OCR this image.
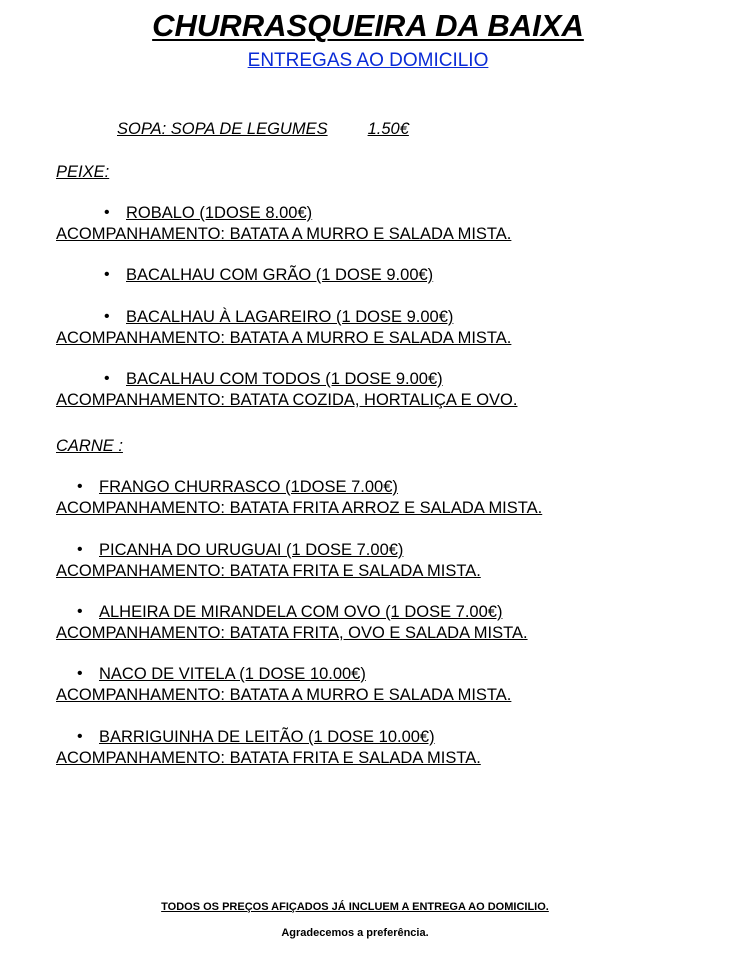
CHURRASQUEIRA DA BAIXA
ENTREGAS AO DOMICILIO
SOPA: SOPA DE LEGUMES 1.50€
PEIXE:
• ROBALO (1DOSE 8.00€)
ACOMPANHAMENTO: BATATA A MURRO E SALADA MISTA.
• BACALHAU COM GRÃO (1 DOSE 9.00€)
• BACALHAU À LAGAREIRO (1 DOSE 9.00€)
ACOMPANHAMENTO: BATATA A MURRO E SALADA MISTA.
• BACALHAU COM TODOS (1 DOSE 9.00€)
ACOMPANHAMENTO: BATATA COZIDA, HORTALIÇA E OVO.
CARNE :
• FRANGO CHURRASCO (1DOSE 7.00€)
ACOMPANHAMENTO: BATATA FRITA ARROZ E SALADA MISTA.
• PICANHA DO URUGUAI (1 DOSE 7.00€)
ACOMPANHAMENTO: BATATA FRITA E SALADA MISTA.
• ALHEIRA DE MIRANDELA COM OVO (1 DOSE 7.00€)
ACOMPANHAMENTO: BATATA FRITA, OVO E SALADA MISTA.
• NACO DE VITELA (1 DOSE 10.00€)
ACOMPANHAMENTO: BATATA A MURRO E SALADA MISTA.
• BARRIGUINHA DE LEITÃO (1 DOSE 10.00€)
ACOMPANHAMENTO: BATATA FRITA E SALADA MISTA.
TODOS OS PREÇOS AFIÇADOS JÁ INCLUEM A ENTREGA AO DOMICILIO.
Agradecemos a preferência.
